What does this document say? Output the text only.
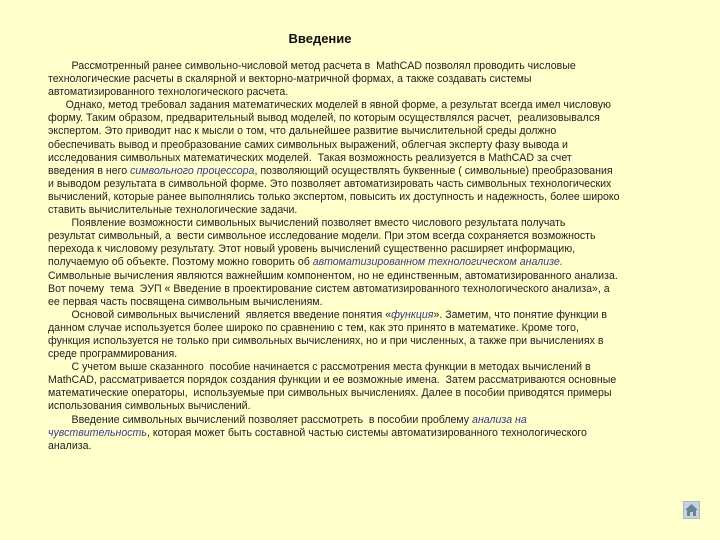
Введение
Рассмотренный ранее символьно-числовой метод расчета в  MathCAD позволял проводить числовые
технологические расчеты в скалярной и векторно-матричной формах, а также создавать системы
автоматизированного технологического расчета.
Однако, метод требовал задания математических моделей в явной форме, а результат всегда имел числовую
форму. Таким образом, предварительный вывод моделей, по которым осуществлялся расчет,  реализовывался
экспертом. Это приводит нас к мысли о том, что дальнейшее развитие вычислительной среды должно
обеспечивать вывод и преобразование самих символьных выражений, облегчая эксперту фазу вывода и
исследования символьных математических моделей.  Такая возможность реализуется в MathCAD за счет
введения в него символьного процессора, позволяющий осуществлять буквенные ( символьные) преобразования
и выводом результата в символьной форме. Это позволяет автоматизировать часть символьных технологических
вычислений, которые ранее выполнялись только экспертом, повысить их доступность и надежность, более широко
ставить вычислительные технологические задачи.
Появление возможности символьных вычислений позволяет вместо числового результата получать
результат символьный, а  вести символьное исследование модели. При этом всегда сохраняется возможность
перехода к числовому результату. Этот новый уровень вычислений существенно расширяет информацию,
получаемую об объекте. Поэтому можно говорить об автоматизированном технологическом анализе.
Символьные вычисления являются важнейшим компонентом, но не единственным, автоматизированного анализа.
Вот почему  тема  ЭУП « Введение в проектирование систем автоматизированного технологического анализа», а
ее первая часть посвящена символьным вычислениям.
Основой символьных вычислений  является введение понятия «функция». Заметим, что понятие функции в
данном случае используется более широко по сравнению с тем, как это принято в математике. Кроме того,
функция используется не только при символьных вычислениях, но и при численных, а также при вычислениях в
среде программирования.
С учетом выше сказанного  пособие начинается с рассмотрения места функции в методах вычислений в
MathCAD, рассматривается порядок создания функции и ее возможные имена.  Затем рассматриваются основные
математические операторы,  используемые при символьных вычислениях. Далее в пособии приводятся примеры
использования символьных вычислений.
Введение символьных вычислений позволяет рассмотреть  в пособии проблему анализа на
чувствительность, которая может быть составной частью системы автоматизированного технологического
анализа.
